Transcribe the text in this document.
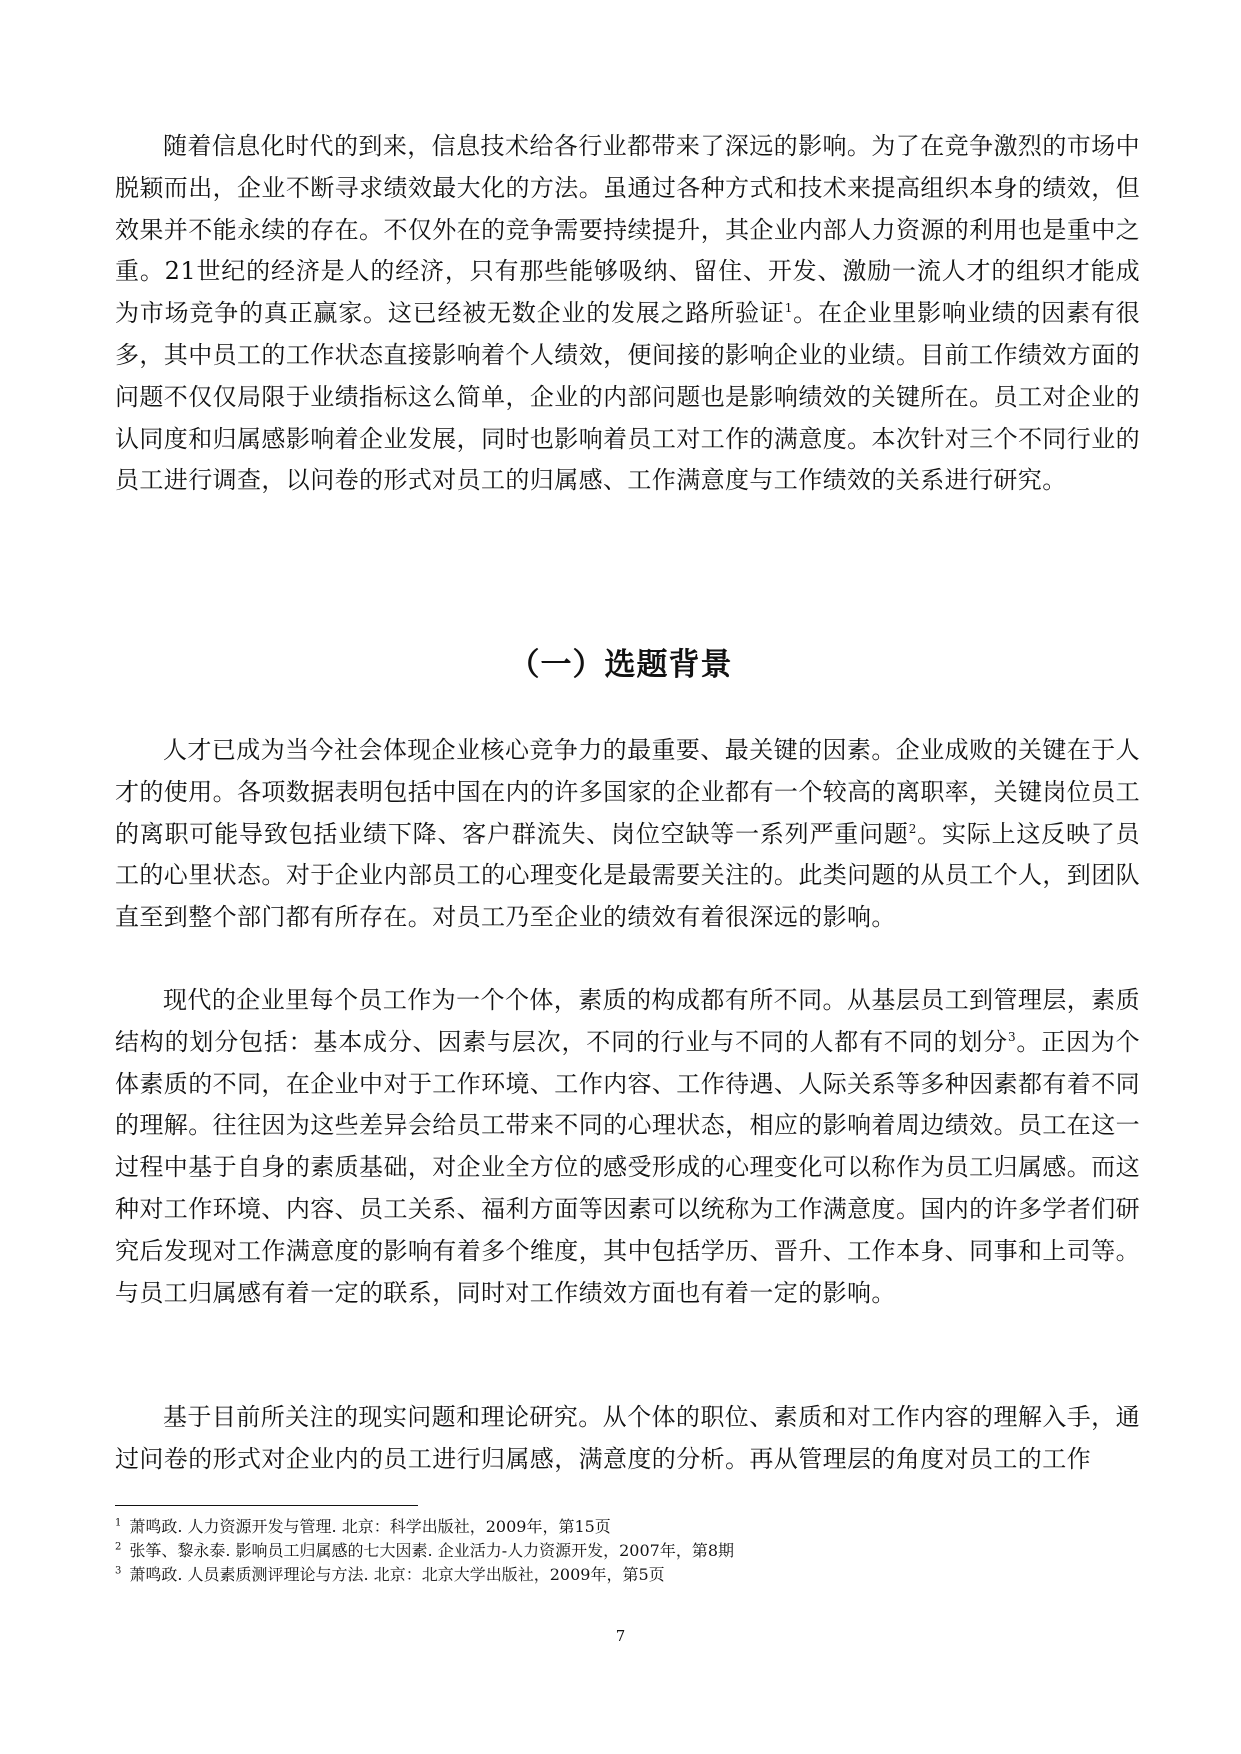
随着信息化时代的到来，信息技术给各行业都带来了深远的影响。为了在竞争激烈的市场中脱颖而出，企业不断寻求绩效最大化的方法。虽通过各种方式和技术来提高组织本身的绩效，但效果并不能永续的存在。不仅外在的竞争需要持续提升，其企业内部人力资源的利用也是重中之重。21世纪的经济是人的经济，只有那些能够吸纳、留住、开发、激励一流人才的组织才能成为市场竞争的真正赢家。这已经被无数企业的发展之路所验证$^1$。在企业里影响业绩的因素有很多，其中员工的工作状态直接影响着个人绩效，便间接的影响企业的业绩。目前工作绩效方面的问题不仅仅局限于业绩指标这么简单，企业的内部问题也是影响绩效的关键所在。员工对企业的认同度和归属感影响着企业发展，同时也影响着员工对工作的满意度。本次针对三个不同行业的员工进行调查，以问卷的形式对员工的归属感、工作满意度与工作绩效的关系进行研究。

（一）选题背景

人才已成为当今社会体现企业核心竞争力的最重要、最关键的因素。企业成败的关键在于人才的使用。各项数据表明包括中国在内的许多国家的企业都有一个较高的离职率，关键岗位员工的离职可能导致包括业绩下降、客户群流失、岗位空缺等一系列严重问题$^2$。实际上这反映了员工的心里状态。对于企业内部员工的心理变化是最需要关注的。此类问题的从员工个人，到团队直至到整个部门都有所存在。对员工乃至企业的绩效有着很深远的影响。

现代的企业里每个员工作为一个个体，素质的构成都有所不同。从基层员工到管理层，素质结构的划分包括：基本成分、因素与层次，不同的行业与不同的人都有不同的划分$^3$。正因为个体素质的不同，在企业中对于工作环境、工作内容、工作待遇、人际关系等多种因素都有着不同的理解。往往因为这些差异会给员工带来不同的心理状态，相应的影响着周边绩效。员工在这一过程中基于自身的素质基础，对企业全方位的感受形成的心理变化可以称作为员工归属感。而这种对工作环境、内容、员工关系、福利方面等因素可以统称为工作满意度。国内的许多学者们研究后发现对工作满意度的影响有着多个维度，其中包括学历、晋升、工作本身、同事和上司等。与员工归属感有着一定的联系，同时对工作绩效方面也有着一定的影响。

基于目前所关注的现实问题和理论研究。从个体的职位、素质和对工作内容的理解入手，通过问卷的形式对企业内的员工进行归属感，满意度的分析。再从管理层的角度对员工的工作

$^1$  萧鸣政. 人力资源开发与管理. 北京：科学出版社，2009年，第15页

$^2$  张筝、黎永泰. 影响员工归属感的七大因素. 企业活力-人力资源开发，2007年，第8期

$^3$  萧鸣政. 人员素质测评理论与方法. 北京：北京大学出版社，2009年，第5页

7
